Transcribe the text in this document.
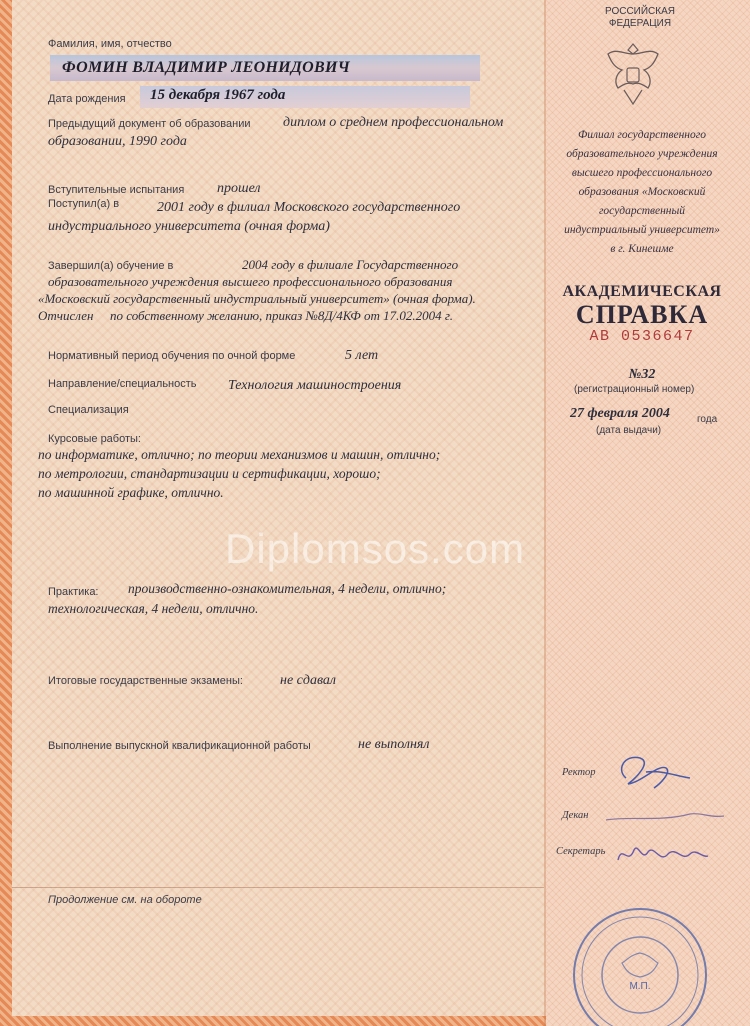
Фамилия, имя, отчество
ФОМИН ВЛАДИМИР ЛЕОНИДОВИЧ
Дата рождения 15 декабря 1967 года
Предыдущий документ об образовании диплом о среднем профессиональном
образовании, 1990 года
Вступительные испытания прошел
Поступил(а) в	2001 году в филиал Московского государственного
индустриального университета (очная форма)
Завершил(а) обучение в	2004 году в филиале Государственного
образовательного учреждения высшего профессионального образования
«Московский государственный индустриальный университет» (очная форма).
Отчислен по собственному желанию, приказ №8Д/4КФ от 17.02.2004 г.
Нормативный период обучения по очной форме	5 лет
Направление/специальность Технология машиностроения
Специализация
Курсовые работы:
по информатике, отлично; по теории механизмов и машин, отлично;
по метрологии, стандартизации и сертификации, хорошо;
по машинной графике, отлично.
Diplomsos.com
Практика: производственно-ознакомительная, 4 недели, отлично;
технологическая, 4 недели, отлично.
Итоговые государственные экзамены:	не сдавал
Выполнение выпускной квалификационной работы	не выполнял
Продолжение см. на обороте
РОССИЙСКАЯ
ФЕДЕРАЦИЯ
Филиал государственного
образовательного учреждения
высшего профессионального
образования «Московский
государственный
индустриальный университет»
в г. Кинешме
АКАДЕМИЧЕСКАЯ
СПРАВКА
АВ 0536647
№32
(регистрационный номер)
27 февраля 2004	года
(дата выдачи)
Ректор
Декан
Секретарь
М.П.
